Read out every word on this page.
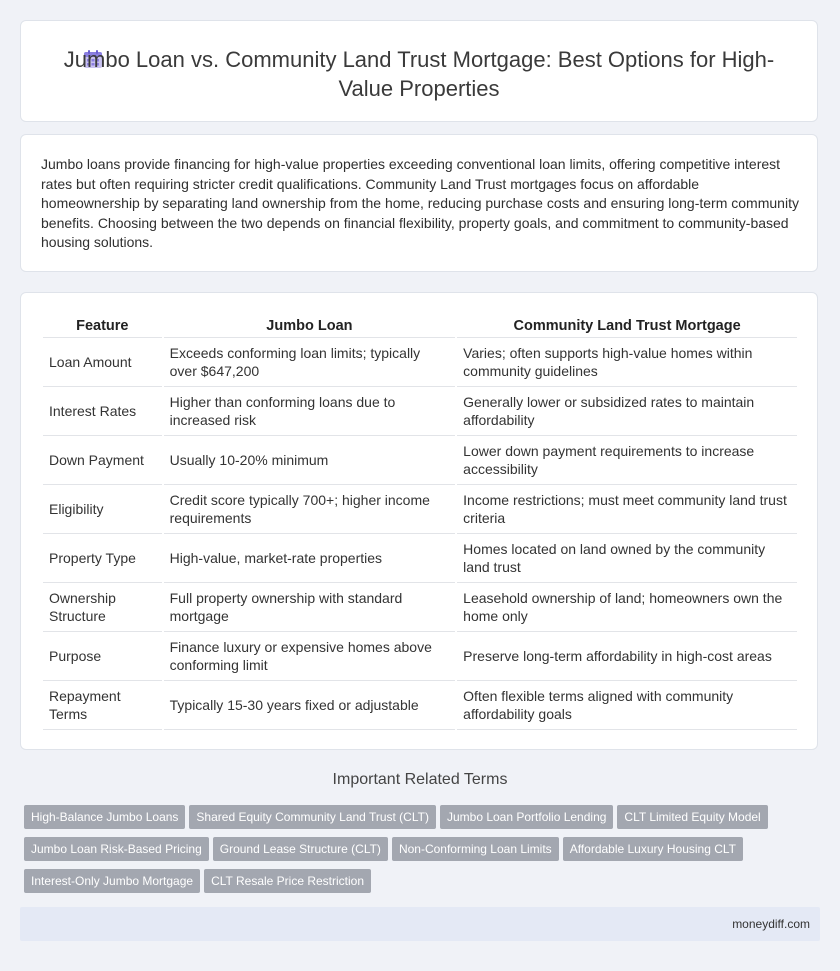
Jumbo Loan vs. Community Land Trust Mortgage: Best Options for High-Value Properties

Jumbo loans provide financing for high-value properties exceeding conventional loan limits, offering competitive interest rates but often requiring stricter credit qualifications. Community Land Trust mortgages focus on affordable homeownership by separating land ownership from the home, reducing purchase costs and ensuring long-term community benefits. Choosing between the two depends on financial flexibility, property goals, and commitment to community-based housing solutions.

Feature	Jumbo Loan	Community Land Trust Mortgage
Loan Amount	Exceeds conforming loan limits; typically over $647,200	Varies; often supports high-value homes within community guidelines
Interest Rates	Higher than conforming loans due to increased risk	Generally lower or subsidized rates to maintain affordability
Down Payment	Usually 10-20% minimum	Lower down payment requirements to increase accessibility
Eligibility	Credit score typically 700+; higher income requirements	Income restrictions; must meet community land trust criteria
Property Type	High-value, market-rate properties	Homes located on land owned by the community land trust
Ownership Structure	Full property ownership with standard mortgage	Leasehold ownership of land; homeowners own the home only
Purpose	Finance luxury or expensive homes above conforming limit	Preserve long-term affordability in high-cost areas
Repayment Terms	Typically 15-30 years fixed or adjustable	Often flexible terms aligned with community affordability goals
Important Related Terms
High-Balance Jumbo Loans Shared Equity Community Land Trust (CLT) Jumbo Loan Portfolio Lending CLT Limited Equity Model
Jumbo Loan Risk-Based Pricing Ground Lease Structure (CLT) Non-Conforming Loan Limits Affordable Luxury Housing CLT
Interest-Only Jumbo Mortgage CLT Resale Price Restriction
moneydiff.com
